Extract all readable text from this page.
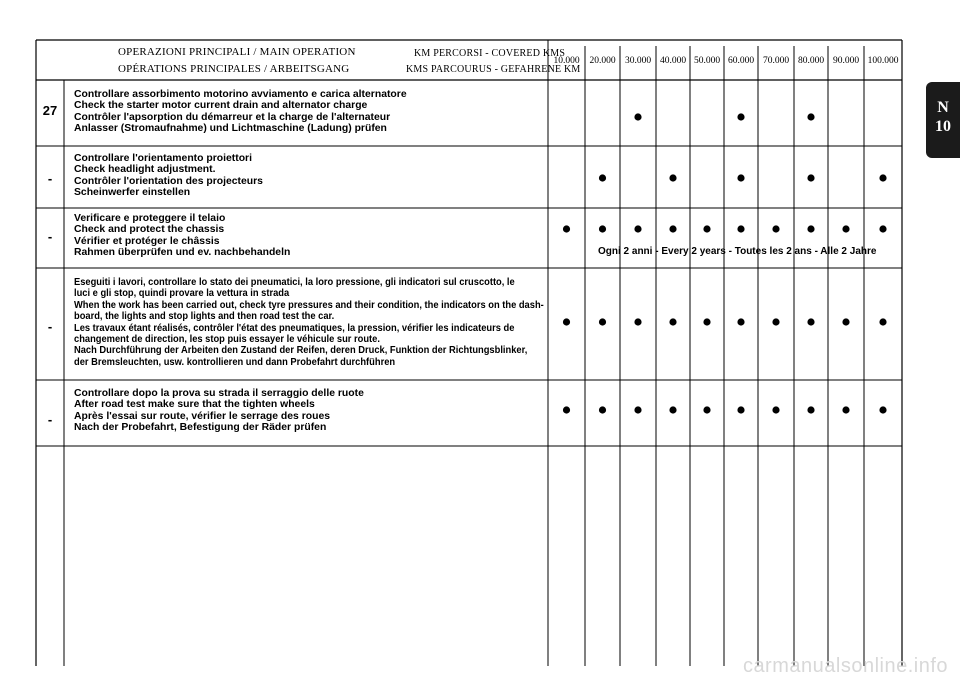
OPERAZIONI PRINCIPALI / MAIN OPERATION
OPÉRATIONS PRINCIPALES / ARBEITSGANG
KM PERCORSI - COVERED KMS
KMS PARCOURUS - GEFAHRENE KM
10.000	20.000 30.000 40.000 50.000 60.000 70.000 80.000 90.000 100.000
27
Controllare assorbimento motorino avviamento e carica alternatore
Check the starter motor current drain and alternator charge
Contrôler l'apsorption du démarreur et la charge de l'alternateur
Anlasser (Stromaufnahme) und Lichtmaschine (Ladung) prüfen
-
Controllare l'orientamento proiettori
Check headlight adjustment.
Contrôler l'orientation des projecteurs
Scheinwerfer einstellen
-
Verificare e proteggere il telaio
Check and protect the chassis
Vérifier et protéger le châssis
Rahmen überprüfen und ev. nachbehandeln	Ogni 2 anni - Every 2 years - Toutes les 2 ans - Alle 2 Jahre
-
Eseguiti i lavori, controllare lo stato dei pneumatici, la loro pressione, gli indicatori sul cruscotto, le
luci e gli stop, quindi provare la vettura in strada
When the work has been carried out, check tyre pressures and their condition, the indicators on the dash-
board, the lights and stop lights and then road test the car.
Les travaux étant réalisés, contrôler l'état des pneumatiques, la pression, vérifier les indicateurs de
changement de direction, les stop puis essayer le véhicule sur route.
Nach Durchführung der Arbeiten den Zustand der Reifen, deren Druck, Funktion der Richtungsblinker,
der Bremsleuchten, usw. kontrollieren und dann Probefahrt durchführen
-
Controllare dopo la prova su strada il serraggio delle ruote
After road test make sure that the tighten wheels
Après l'essai sur route, vérifier le serrage des roues
Nach der Probefahrt, Befestigung der Räder prüfen
N
10
carmanualsonline.info
